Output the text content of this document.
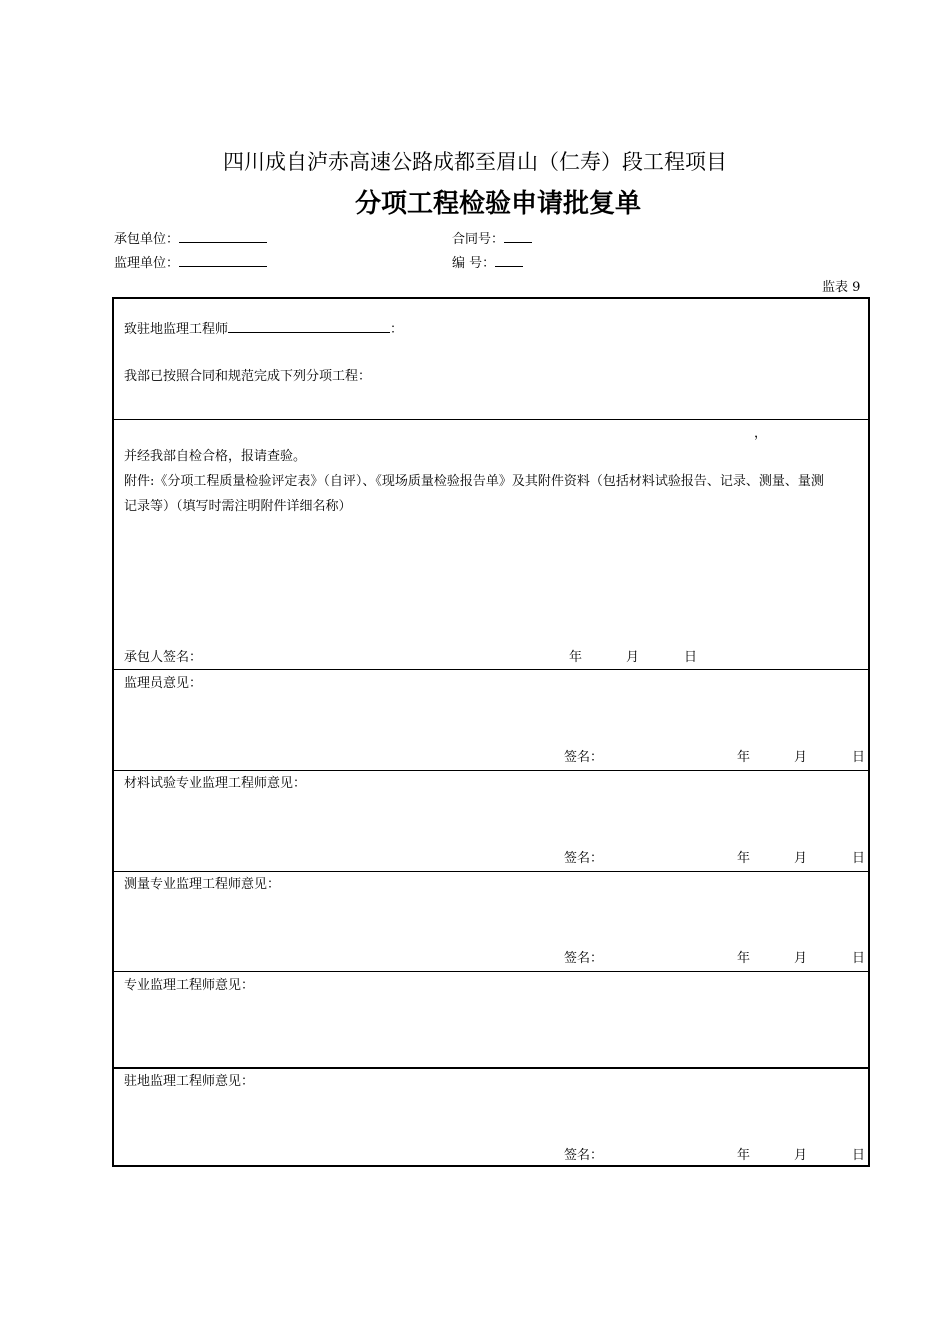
四川成自泸赤高速公路成都至眉山（仁寿）段工程项目
分项工程检验申请批复单
承包单位：	合同号：
监理单位：	编 号：
监表 9
致驻地监理工程师	：
我部已按照合同和规范完成下列分项工程：
，
并经我部自检合格，报请查验。
附件:《分项工程质量检验评定表》（自评）、《现场质量检验报告单》及其附件资料（包括材料试验报告、记录、测量、量测
记录等）（填写时需注明附件详细名称）
承包人签名：	年	月	日
监理员意见：
签名：	年	月	日
材料试验专业监理工程师意见：
签名：	年	月	日
测量专业监理工程师意见：
签名：	年	月	日
专业监理工程师意见：
驻地监理工程师意见：
签名：	年	月	日
